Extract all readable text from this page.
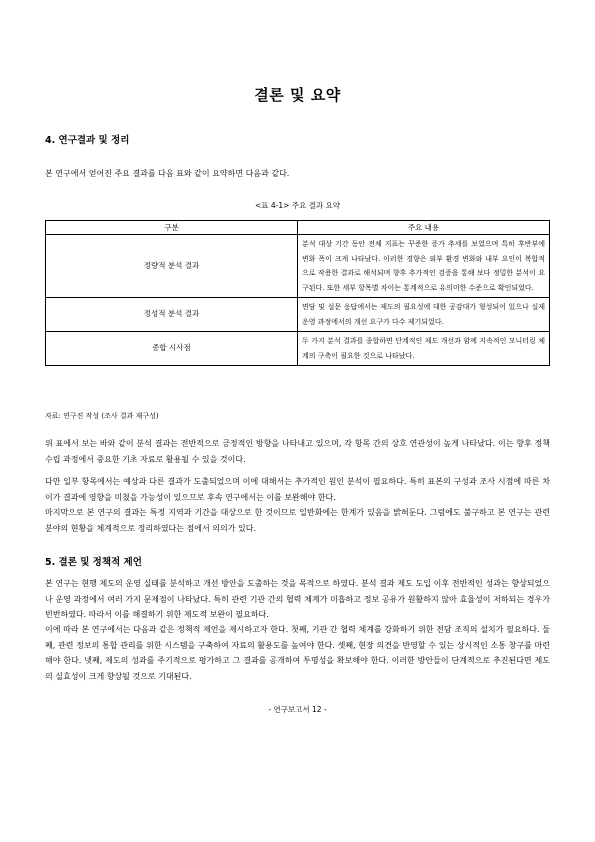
결론 및 요약
4. 연구결과 및 정리
본 연구에서 얻어진 주요 결과를 다음 표와 같이 요약하면 다음과 같다.
<표 4-1> 주요 결과 요약
구분	주요 내용
정량적 분석 결과	분석 대상 기간 동안 전체 지표는 꾸준한 증가 추세를 보였으며 특히 후반부에 변화 폭이 크게 나타났다. 이러한 경향은 외부 환경 변화와 내부 요인이 복합적으로 작용한 결과로 해석되며 향후 추가적인 검증을 통해 보다 정밀한 분석이 요구된다. 또한 세부 항목별 차이는 통계적으로 유의미한 수준으로 확인되었다.
정성적 분석 결과	면담 및 설문 응답에서는 제도의 필요성에 대한 공감대가 형성되어 있으나 실제 운영 과정에서의 개선 요구가 다수 제기되었다.
종합 시사점	두 가지 분석 결과를 종합하면 단계적인 제도 개선과 함께 지속적인 모니터링 체계의 구축이 필요한 것으로 나타났다.
자료: 연구진 작성 (조사 결과 재구성)
위 표에서 보는 바와 같이 분석 결과는 전반적으로 긍정적인 방향을 나타내고 있으며, 각 항목 간의 상호 연관성이 높게 나타났다. 이는 향후 정책 수립 과정에서 중요한 기초 자료로 활용될 수 있을 것이다.
다만 일부 항목에서는 예상과 다른 결과가 도출되었으며 이에 대해서는 추가적인 원인 분석이 필요하다. 특히 표본의 구성과 조사 시점에 따른 차이가 결과에 영향을 미쳤을 가능성이 있으므로 후속 연구에서는 이를 보완해야 한다.
마지막으로 본 연구의 결과는 특정 지역과 기간을 대상으로 한 것이므로 일반화에는 한계가 있음을 밝혀둔다. 그럼에도 불구하고 본 연구는 관련 분야의 현황을 체계적으로 정리하였다는 점에서 의의가 있다.
5. 결론 및 정책적 제언
본 연구는 현행 제도의 운영 실태를 분석하고 개선 방안을 도출하는 것을 목적으로 하였다. 분석 결과 제도 도입 이후 전반적인 성과는 향상되었으나 운영 과정에서 여러 가지 문제점이 나타났다. 특히 관련 기관 간의 협력 체계가 미흡하고 정보 공유가 원활하지 않아 효율성이 저하되는 경우가 빈번하였다. 따라서 이를 해결하기 위한 제도적 보완이 필요하다.
이에 따라 본 연구에서는 다음과 같은 정책적 제언을 제시하고자 한다. 첫째, 기관 간 협력 체계를 강화하기 위한 전담 조직의 설치가 필요하다. 둘째, 관련 정보의 통합 관리를 위한 시스템을 구축하여 자료의 활용도를 높여야 한다. 셋째, 현장 의견을 반영할 수 있는 상시적인 소통 창구를 마련해야 한다. 넷째, 제도의 성과를 주기적으로 평가하고 그 결과를 공개하여 투명성을 확보해야 한다. 이러한 방안들이 단계적으로 추진된다면 제도의 실효성이 크게 향상될 것으로 기대된다.
- 연구보고서 12 -
